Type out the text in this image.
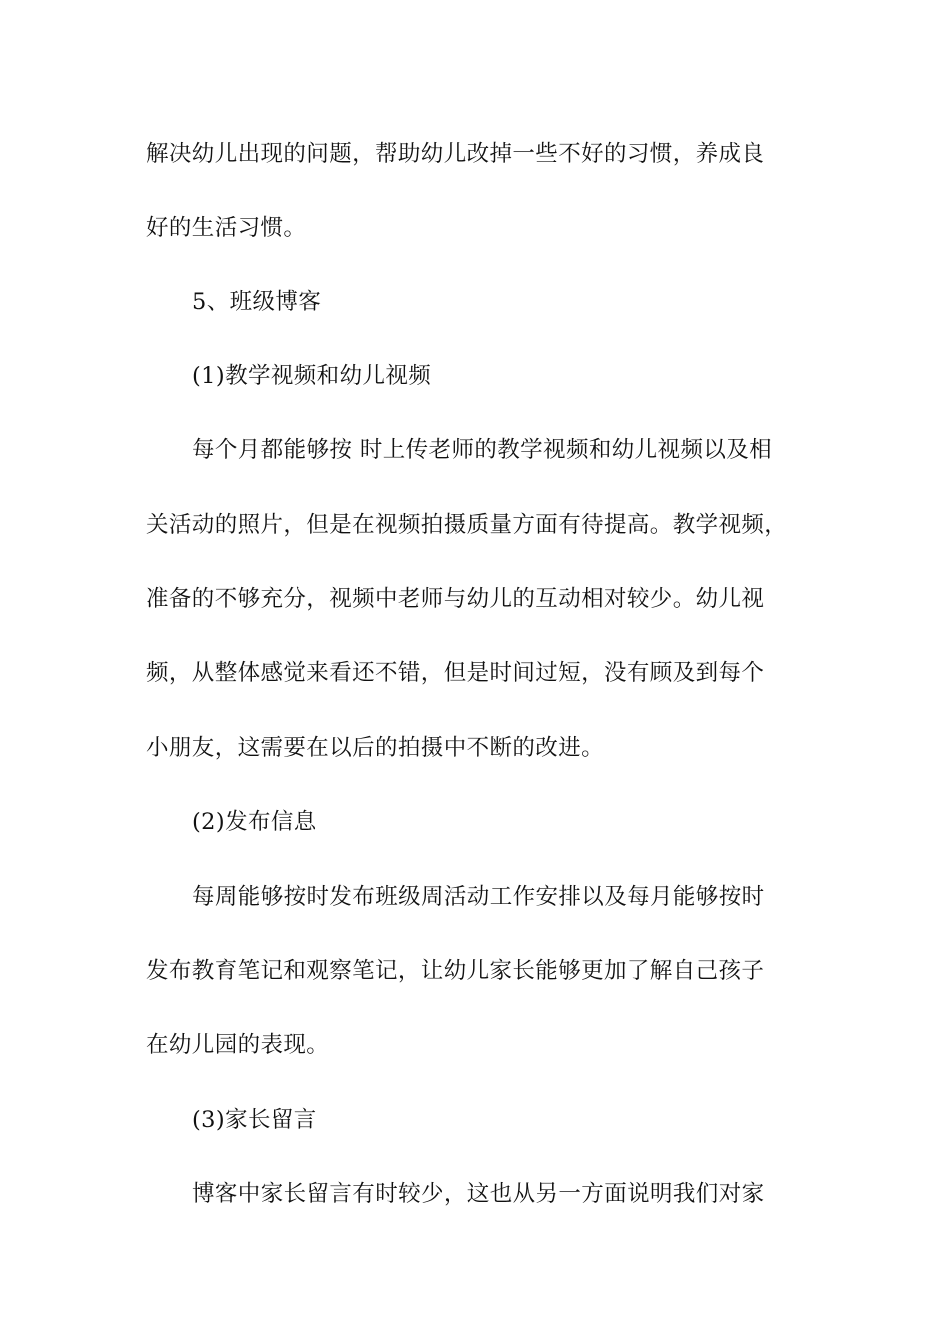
解决幼儿出现的问题，帮助幼儿改掉一些不好的习惯，养成良
好的生活习惯。
5、班级博客
(1)教学视频和幼儿视频
每个月都能够按 时上传老师的教学视频和幼儿视频以及相
关活动的照片，但是在视频拍摄质量方面有待提高。教学视频，
准备的不够充分，视频中老师与幼儿的互动相对较少。幼儿视
频，从整体感觉来看还不错，但是时间过短，没有顾及到每个
小朋友，这需要在以后的拍摄中不断的改进。
(2)发布信息
每周能够按时发布班级周活动工作安排以及每月能够按时
发布教育笔记和观察笔记，让幼儿家长能够更加了解自己孩子
在幼儿园的表现。
(3)家长留言
博客中家长留言有时较少，这也从另一方面说明我们对家
